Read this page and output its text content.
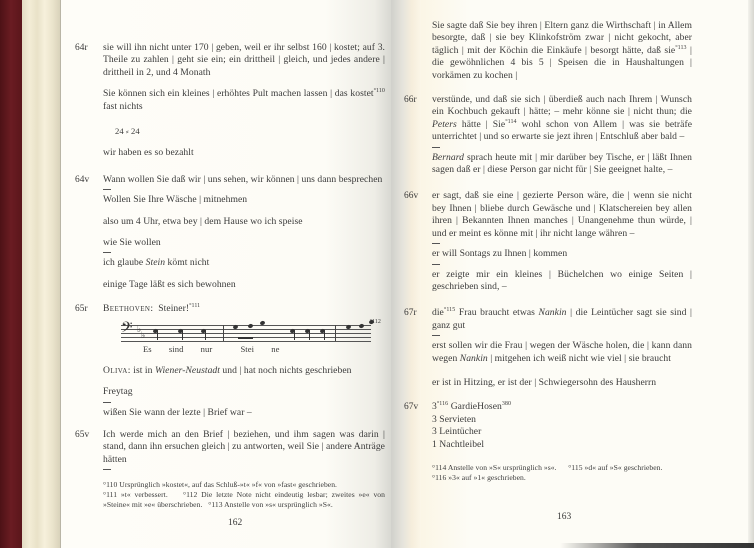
64r	sie will ihn nicht unter 170 | geben, weil er ihr selbst 160 | kostet; auf 3. Theile zu zahlen | geht sie ein; ein drittheil | gleich, und jedes andere | drittheil in 2, und 4 Monath

Sie können sich ein kleines | erhöhtes Pult machen lassen | das kostet$^{^\circ 110}$ fast nichts

24 ⸗ 24

wir haben es so bezahlt

64v	Wann wollen Sie daß wir | uns sehen, wir können | uns dann besprechen

Wollen Sie Ihre Wäsche | mitnehmen

also um 4 Uhr, etwa bey | dem Hause wo ich speise

wie Sie wollen

ich glaube Stein kömt nicht

einige Tage läßt es sich bewohnen

65r	Beethoven: Steiner!$^{^\circ 111}$

𝄢 ♭
♭
°112
Es sind nur	Stei ne

Oliva: ist in Wiener-Neustadt und | hat noch nichts geschrieben

Freytag

wißen Sie wann der lezte | Brief war –

65v	Ich werde mich an den Brief | beziehen, und ihm sagen was darin | stand, dann ihn ersuchen gleich | zu antworten, weil Sie | andere Anträge hätten

°110 Ursprünglich »kostet«, auf das Schluß-»t« »f« von »fast« geschrieben.

°111 »t« verbessert. °112 Die letzte Note nicht eindeutig lesbar; zweites »e« von »Steine« mit »e« überschrieben. °113 Anstelle von »s« ursprünglich »S«.

162

Sie sagte daß Sie bey ihren | Eltern ganz die Wirthschaft | in Allem besorgte, daß | sie bey Klinkofström zwar | nicht gekocht, aber täglich | mit der Köchin die Einkäufe | besorgt hätte, daß sie$^{^\circ 113}$ | die gewöhnlichen 4 bis 5 | Speisen die in Haushaltungen | vorkämen zu kochen |

66r	verstünde, und daß sie sich | überdieß auch nach Ihrem | Wunsch ein Kochbuch gekauft | hätte; – mehr könne sie | nicht thun; die Peters hätte | Sie$^{^\circ 114}$ wohl schon von Allem | was sie beträfe unterrichtet | und so erwarte sie jezt ihren | Entschluß aber bald –

Bernard sprach heute mit | mir darüber bey Tische, er | läßt Ihnen sagen daß er | diese Person gar nicht für | Sie geeignet halte, –

66v	er sagt, daß sie eine | gezierte Person wäre, die | wenn sie nicht bey Ihnen | bliebe durch Gewäsche und | Klatschereien bey allen ihren | Bekannten Ihnen manches | Unangenehme thun würde, | und er meint es könne mit | ihr nicht lange währen –

er will Sontags zu Ihnen | kommen

er zeigte mir ein kleines | Büchelchen wo einige Seiten | geschrieben sind, –

67r	die$^{^\circ 115}$ Frau braucht etwas Nankin | die Leintücher sagt sie sind | ganz gut

erst sollen wir die Frau | wegen der Wäsche holen, die | kann dann wegen Nankin | mitgehen ich weiß nicht wie viel | sie braucht

er ist in Hitzing, er ist der | Schwiegersohn des Hausherrn

67v	$3^{^\circ 116}$ GardieHosen$^{380}$
3 Servieten
3 Leintücher
1 Nachtleibel

°114 Anstelle von »S« ursprünglich »s«. °115 »d« auf »S« geschrieben.

°116 »3« auf »1« geschrieben.

163
